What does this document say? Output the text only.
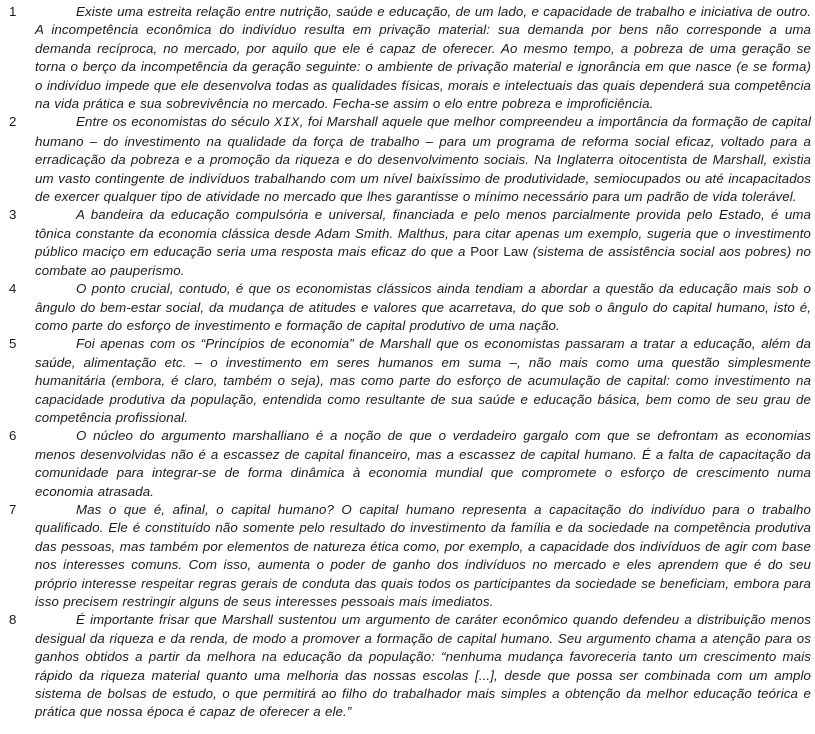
1	Existe uma estreita relação entre nutrição, saúde e educação, de um lado, e capacidade de trabalho e iniciativa de outro. A incompetência econômica do indivíduo resulta em privação material: sua demanda por bens não corresponde a uma demanda recíproca, no mercado, por aquilo que ele é capaz de oferecer. Ao mesmo tempo, a pobreza de uma geração se torna o berço da incompetência da geração seguinte: o ambiente de privação material e ignorância em que nasce (e se forma) o indivíduo impede que ele desenvolva todas as qualidades físicas, morais e intelectuais das quais dependerá sua competência na vida prática e sua sobrevivência no mercado. Fecha-se assim o elo entre pobreza e improficiência.
2	Entre os economistas do século XIX, foi Marshall aquele que melhor compreendeu a importância da formação de capital humano – do investimento na qualidade da força de trabalho – para um programa de reforma social eficaz, voltado para a erradicação da pobreza e a promoção da riqueza e do desenvolvimento sociais. Na Inglaterra oitocentista de Marshall, existia um vasto contingente de indivíduos trabalhando com um nível baixíssimo de produtividade, semiocupados ou até incapacitados de exercer qualquer tipo de atividade no mercado que lhes garantisse o mínimo necessário para um padrão de vida tolerável.
3	A bandeira da educação compulsória e universal, financiada e pelo menos parcialmente provida pelo Estado, é uma tônica constante da economia clássica desde Adam Smith. Malthus, para citar apenas um exemplo, sugeria que o investimento público maciço em educação seria uma resposta mais eficaz do que a Poor Law (sistema de assistência social aos pobres) no combate ao pauperismo.
4	O ponto crucial, contudo, é que os economistas clássicos ainda tendiam a abordar a questão da educação mais sob o ângulo do bem-estar social, da mudança de atitudes e valores que acarretava, do que sob o ângulo do capital humano, isto é, como parte do esforço de investimento e formação de capital produtivo de uma nação.
5	Foi apenas com os “Princípios de economia” de Marshall que os economistas passaram a tratar a educação, além da saúde, alimentação etc. – o investimento em seres humanos em suma –, não mais como uma questão simplesmente humanitária (embora, é claro, também o seja), mas como parte do esforço de acumulação de capital: como investimento na capacidade produtiva da população, entendida como resultante de sua saúde e educação básica, bem como de seu grau de competência profissional.
6	O núcleo do argumento marshalliano é a noção de que o verdadeiro gargalo com que se defrontam as economias menos desenvolvidas não é a escassez de capital financeiro, mas a escassez de capital humano. É a falta de capacitação da comunidade para integrar-se de forma dinâmica à economia mundial que compromete o esforço de crescimento numa economia atrasada.
7	Mas o que é, afinal, o capital humano? O capital humano representa a capacitação do indivíduo para o trabalho qualificado. Ele é constituído não somente pelo resultado do investimento da família e da sociedade na competência produtiva das pessoas, mas também por elementos de natureza ética como, por exemplo, a capacidade dos indivíduos de agir com base nos interesses comuns. Com isso, aumenta o poder de ganho dos indivíduos no mercado e eles aprendem que é do seu próprio interesse respeitar regras gerais de conduta das quais todos os participantes da sociedade se beneficiam, embora para isso precisem restringir alguns de seus interesses pessoais mais imediatos.
8	É importante frisar que Marshall sustentou um argumento de caráter econômico quando defendeu a distribuição menos desigual da riqueza e da renda, de modo a promover a formação de capital humano. Seu argumento chama a atenção para os ganhos obtidos a partir da melhora na educação da população: “nenhuma mudança favoreceria tanto um crescimento mais rápido da riqueza material quanto uma melhoria das nossas escolas [...], desde que possa ser combinada com um amplo sistema de bolsas de estudo, o que permitirá ao filho do trabalhador mais simples a obtenção da melhor educação teórica e prática que nossa época é capaz de oferecer a ele.”
